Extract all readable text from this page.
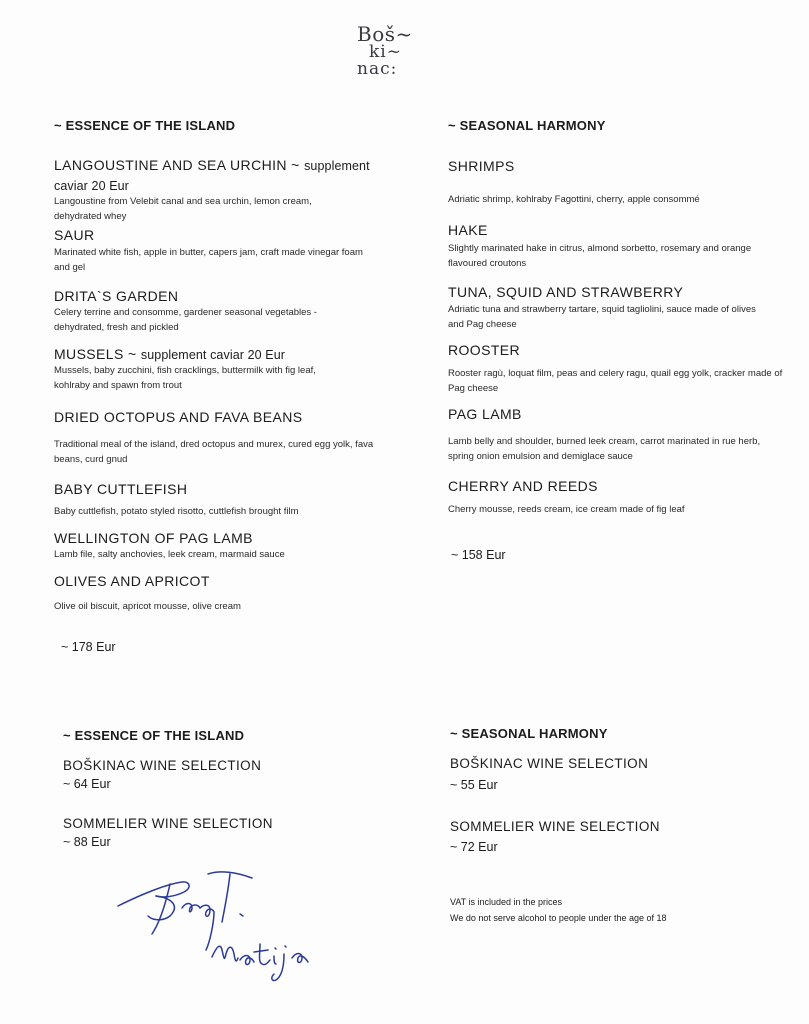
Boš~
ki~
nac:
~ ESSENCE OF THE ISLAND
LANGOUSTINE AND SEA URCHIN ~ supplement
caviar 20 Eur
Langoustine from Velebit canal and sea urchin, lemon cream, dehydrated whey
SAUR
Marinated white fish, apple in butter, capers jam, craft made vinegar foam and gel
DRITA`S GARDEN
Celery terrine and consomme, gardener seasonal vegetables - dehydrated, fresh and pickled
MUSSELS ~ supplement caviar 20 Eur
Mussels, baby zucchini, fish cracklings, buttermilk with fig leaf, kohlraby and spawn from trout
DRIED OCTOPUS AND FAVA BEANS
Traditional meal of the island, dred octopus and murex, cured egg yolk, fava beans, curd gnud
BABY CUTTLEFISH
Baby cuttlefish, potato styled risotto, cuttlefish brought film
WELLINGTON OF PAG LAMB
Lamb file, salty anchovies, leek cream, marmaid sauce
OLIVES AND APRICOT
Olive oil biscuit, apricot mousse, olive cream
~ 178 Eur
~ SEASONAL HARMONY
SHRIMPS
Adriatic shrimp, kohlraby Fagottini, cherry, apple consommé
HAKE
Slightly marinated hake in citrus, almond sorbetto, rosemary and orange flavoured croutons
TUNA, SQUID AND STRAWBERRY
Adriatic tuna and strawberry tartare, squid tagliolini, sauce made of olives and Pag cheese
ROOSTER
Rooster ragù, loquat film, peas and celery ragu, quail egg yolk, cracker made of Pag cheese
PAG LAMB
Lamb belly and shoulder, burned leek cream, carrot marinated in rue herb, spring onion emulsion and demiglace sauce
CHERRY AND REEDS
Cherry mousse, reeds cream, ice cream made of fig leaf
~ 158 Eur
~ ESSENCE OF THE ISLAND
BOŠKINAC WINE SELECTION
~ 64 Eur
SOMMELIER WINE SELECTION
~ 88 Eur
~ SEASONAL HARMONY
BOŠKINAC WINE SELECTION
~ 55 Eur
SOMMELIER WINE SELECTION
~ 72 Eur
VAT is included in the prices
We do not serve alcohol to people under the age of 18
